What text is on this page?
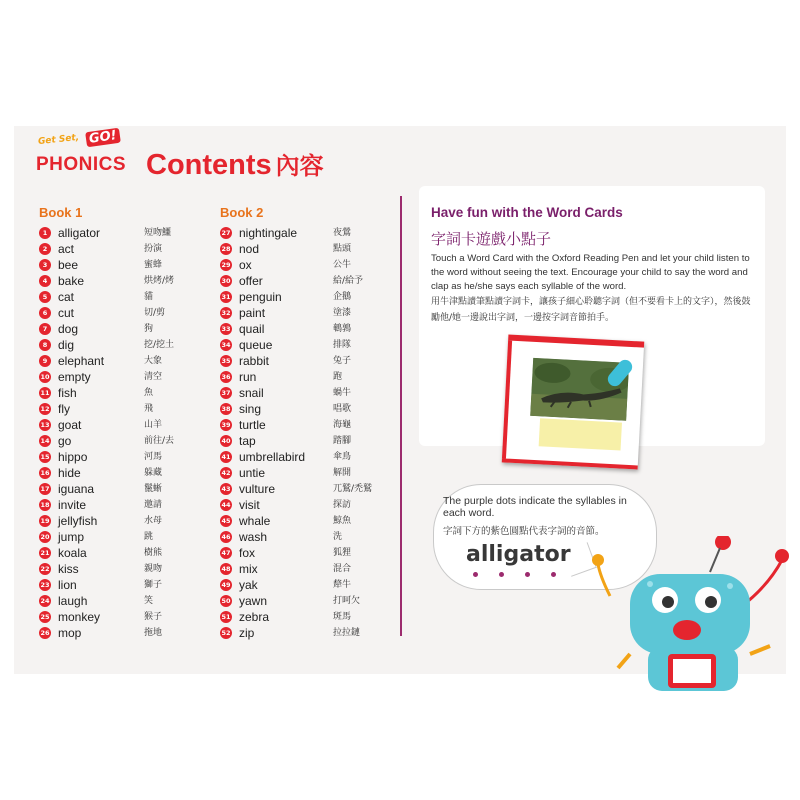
Get Set, GO!
PHONICS Contents 內容
Book 1
1 alligator	短吻鱷
2 act	扮演
3 bee	蜜蜂
4 bake	烘烤/烤
5 cat	貓
6 cut	切/剪
7 dog	狗
8 dig	挖/挖土
9 elephant	大象
10 empty	清空
11 fish	魚
12 fly	飛
13 goat	山羊
14 go	前往/去
15 hippo	河馬
16 hide	躲藏
17 iguana	鬣蜥
18 invite	邀請
19 jellyfish	水母
20 jump	跳
21 koala	樹熊
22 kiss	親吻
23 lion	獅子
24 laugh	笑
25 monkey	猴子
26 mop	拖地
Book 2
27 nightingale	夜鶯
28 nod	點頭
29 ox	公牛
30 offer	給/給予
31 penguin	企鵝
32 paint	塗漆
33 quail	鵪鶉
34 queue	排隊
35 rabbit	兔子
36 run	跑
37 snail	蝸牛
38 sing	唱歌
39 turtle	海龜
40 tap	踏腳
41 umbrellabird	傘鳥
42 untie	解開
43 vulture	兀鷲/禿鷲
44 visit	探訪
45 whale	鯨魚
46 wash	洗
47 fox	狐狸
48 mix	混合
49 yak	犛牛
50 yawn	打呵欠
51 zebra	斑馬
52 zip	拉拉鏈
Have fun with the Word Cards
字詞卡遊戲小點子
Touch a Word Card with the Oxford Reading Pen and let your child listen to the word without seeing the text. Encourage your child to say the word and clap as he/she says each syllable of the word.
用牛津點讀筆點讀字詞卡，讓孩子細心聆聽字詞（但不要看卡上的文字），然後鼓勵他/她一邊說出字詞，一邊按字詞音節拍手。
The purple dots indicate the syllables in each word.
字詞下方的紫色圓點代表字詞的音節。
alligator
